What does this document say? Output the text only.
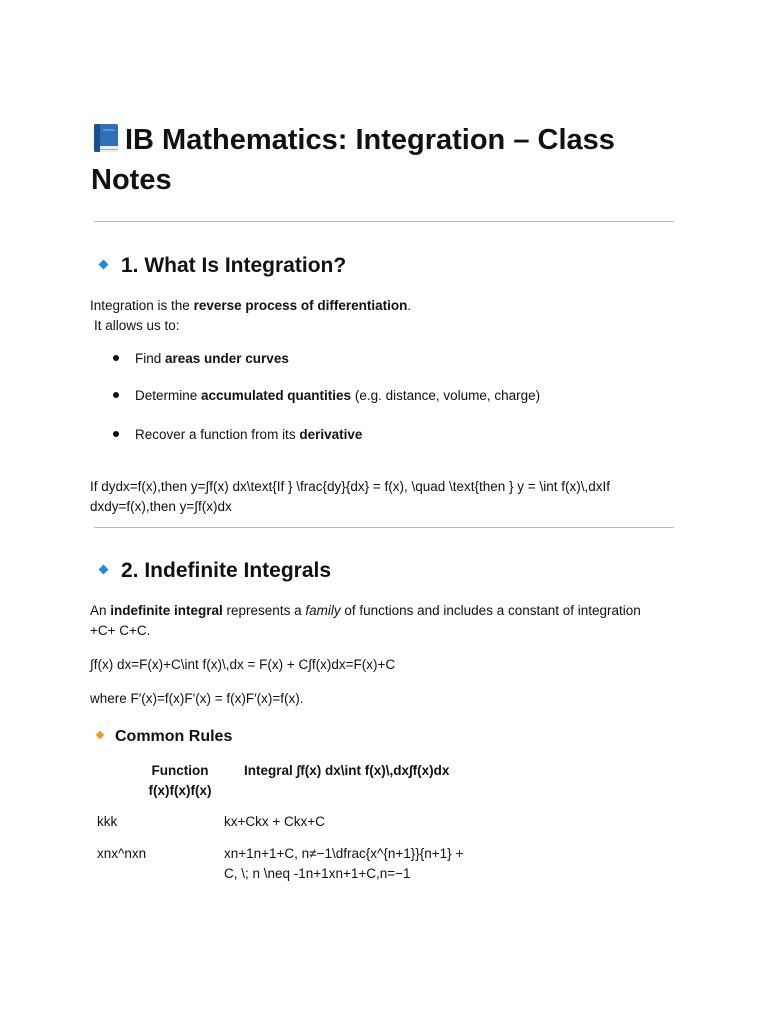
IB Mathematics: Integration – Class Notes
1. What Is Integration?

Integration is the reverse process of differentiation.
It allows us to:

Find areas under curves
Determine accumulated quantities (e.g. distance, volume, charge)
Recover a function from its derivative

If dydx=f(x),then y=∫f(x) dx\text{If } \frac{dy}{dx} = f(x), \quad \text{then } y = \int f(x)\,dxIf
dxdy=f(x),then y=∫f(x)dx

2. Indefinite Integrals

An indefinite integral represents a family of functions and includes a constant of integration
+C+ C+C.

∫f(x) dx=F(x)+C\int f(x)\,dx = F(x) + C∫f(x)dx=F(x)+C

where F′(x)=f(x)F'(x) = f(x)F′(x)=f(x).

Common Rules
Function
f(x)f(x)f(x)
Integral ∫f(x) dx\int f(x)\,dx∫f(x)dx
kkk	kx+Ckx + Ckx+C
xnx^nxn	xn+1n+1+C, n≠−1\dfrac{x^{n+1}}{n+1} +
C, \; n \neq -1n+1xn+1+C,n=−1
